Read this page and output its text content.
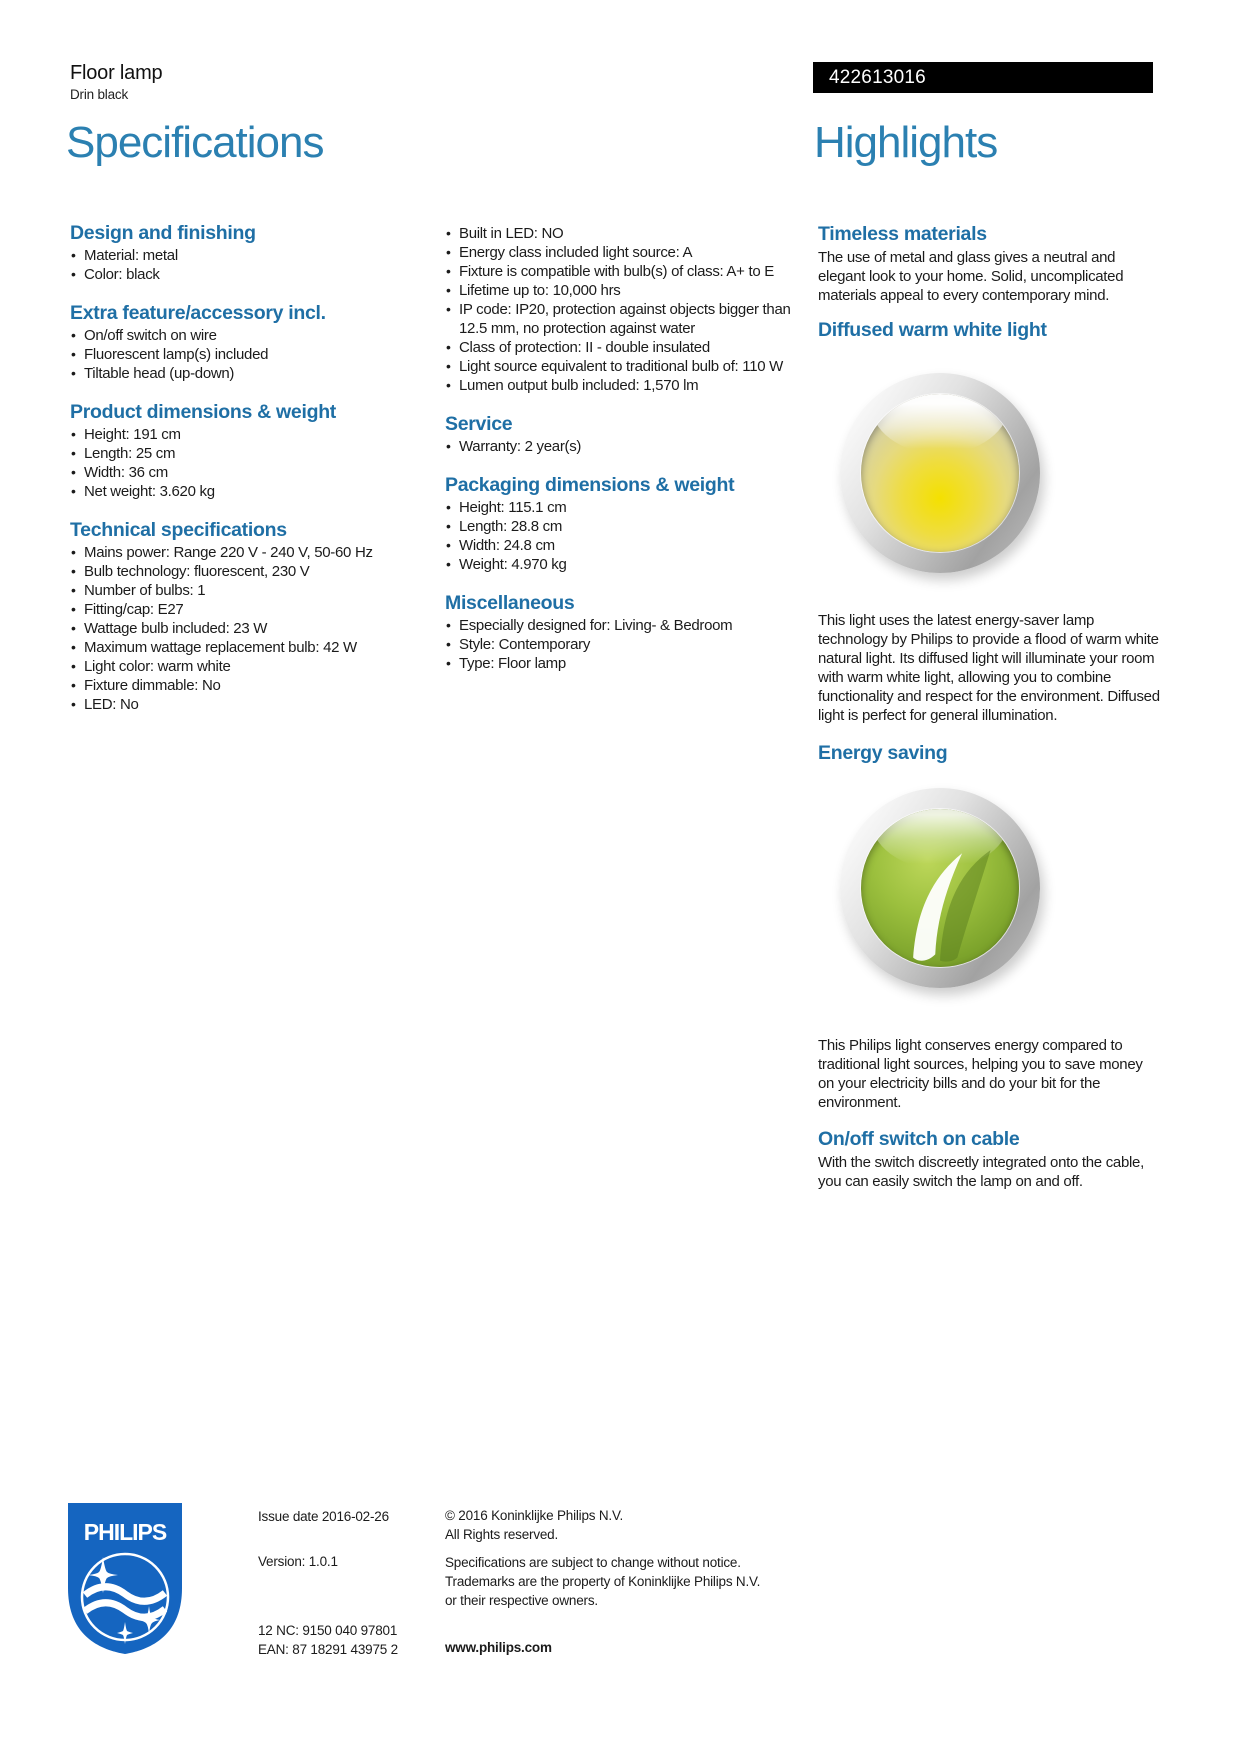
Floor lamp
Drin black
422613016
Specifications	Highlights
Design and finishing
• Material: metal
• Color: black
Extra feature/accessory incl.
• On/off switch on wire
• Fluorescent lamp(s) included
• Tiltable head (up-down)
Product dimensions & weight
• Height: 191 cm
• Length: 25 cm
• Width: 36 cm
• Net weight: 3.620 kg
Technical specifications
• Mains power: Range 220 V - 240 V, 50-60 Hz
• Bulb technology: fluorescent, 230 V
• Number of bulbs: 1
• Fitting/cap: E27
• Wattage bulb included: 23 W
• Maximum wattage replacement bulb: 42 W
• Light color: warm white
• Fixture dimmable: No
• LED: No
• Built in LED: NO
• Energy class included light source: A
• Fixture is compatible with bulb(s) of class: A+ to E
• Lifetime up to: 10,000 hrs
• IP code: IP20, protection against objects bigger than 12.5 mm, no protection against water
• Class of protection: II - double insulated
• Light source equivalent to traditional bulb of: 110 W
• Lumen output bulb included: 1,570 lm
Service
• Warranty: 2 year(s)
Packaging dimensions & weight
• Height: 115.1 cm
• Length: 28.8 cm
• Width: 24.8 cm
• Weight: 4.970 kg
Miscellaneous
• Especially designed for: Living- & Bedroom
• Style: Contemporary
• Type: Floor lamp
Timeless materials

The use of metal and glass gives a neutral and elegant look to your home. Solid, uncomplicated materials appeal to every contemporary mind.

Diffused warm white light

This light uses the latest energy-saver lamp technology by Philips to provide a flood of warm white natural light. Its diffused light will illuminate your room with warm white light, allowing you to combine functionality and respect for the environment. Diffused light is perfect for general illumination.

Energy saving

This Philips light conserves energy compared to traditional light sources, helping you to save money on your electricity bills and do your bit for the environment.

On/off switch on cable

With the switch discreetly integrated onto the cable, you can easily switch the lamp on and off.

PHILIPS
Issue date 2016-02-26
Version: 1.0.1
12 NC: 9150 040 97801
EAN: 87 18291 43975 2
© 2016 Koninklijke Philips N.V.
All Rights reserved.
Specifications are subject to change without notice.
Trademarks are the property of Koninklijke Philips N.V.
or their respective owners.
www.philips.com
